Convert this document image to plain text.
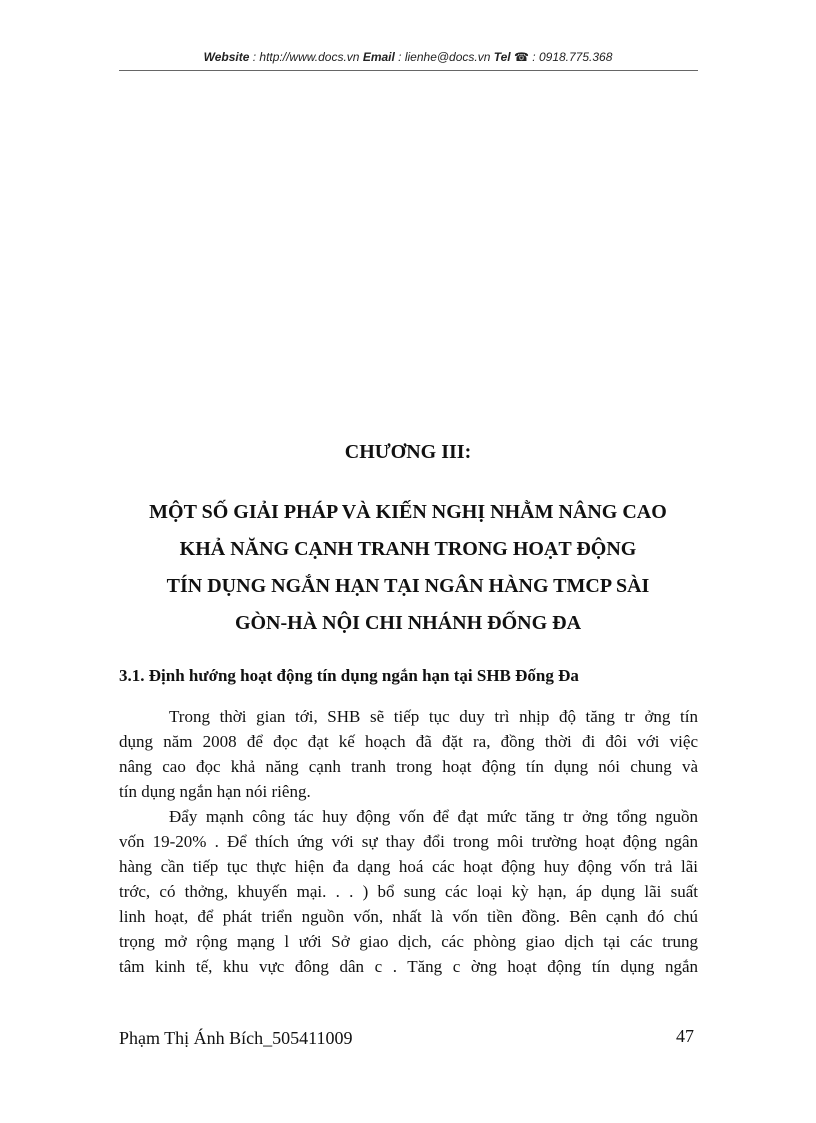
Website : http://www.docs.vn Email : lienhe@docs.vn Tel ☎ : 0918.775.368
CHƯƠNG III:
MỘT SỐ GIẢI PHÁP VÀ KIẾN NGHỊ NHẰM NÂNG CAO
KHẢ NĂNG CẠNH TRANH TRONG HOẠT ĐỘNG
TÍN DỤNG NGẮN HẠN TẠI NGÂN HÀNG TMCP SÀI
GÒN-HÀ NỘI CHI NHÁNH ĐỐNG ĐA
3.1. Định hướng hoạt động tín dụng ngắn hạn tại SHB Đống Đa
Trong thời gian tới, SHB sẽ tiếp tục duy trì nhịp độ tăng tr ởng tín
dụng năm 2008 để đọc đạt kế hoạch đã đặt ra, đồng thời đi đôi với việc
nâng cao đọc khả năng cạnh tranh trong hoạt động tín dụng nói chung và
tín dụng ngắn hạn nói riêng.
Đẩy mạnh công tác huy động vốn để đạt mức tăng tr ởng tổng nguồn
vốn 19-20% . Để thích ứng với sự thay đổi trong môi trường hoạt động ngân
hàng cần tiếp tục thực hiện đa dạng hoá các hoạt động huy động vốn trả lãi
trớc, có thởng, khuyến mại. . . ) bổ sung các loại kỳ hạn, áp dụng lãi suất
linh hoạt, để phát triển nguồn vốn, nhất là vốn tiền đồng. Bên cạnh đó chú
trọng mở rộng mạng l ưới Sở giao dịch, các phòng giao dịch tại các trung
tâm kinh tế, khu vực đông dân c . Tăng c ờng hoạt động tín dụng ngắn
Phạm Thị Ánh Bích_505411009	47
